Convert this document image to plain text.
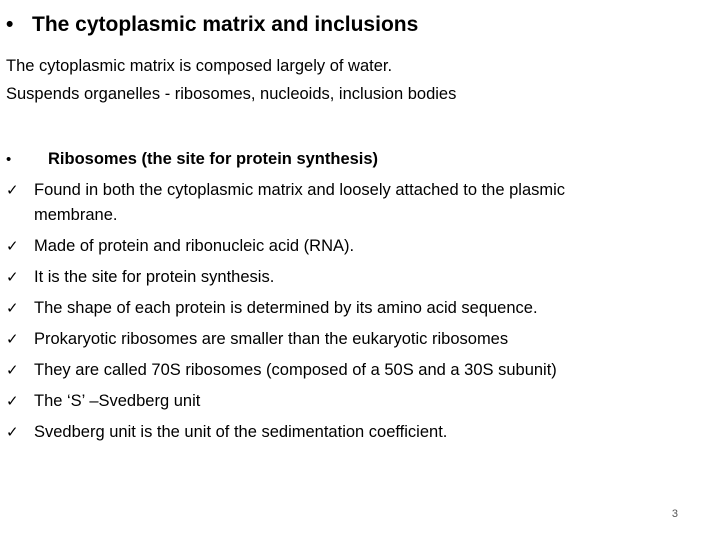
• The cytoplasmic matrix and inclusions
The cytoplasmic matrix is composed largely of water.
Suspends organelles - ribosomes, nucleoids, inclusion bodies
•	Ribosomes (the site for protein synthesis)
✓ Found in both the cytoplasmic matrix and loosely attached to the plasmic
membrane.
✓ Made of protein and ribonucleic acid (RNA).
✓ It is the site for protein synthesis.
✓ The shape of each protein is determined by its amino acid sequence.
✓ Prokaryotic ribosomes are smaller than the eukaryotic ribosomes
✓ They are called 70S ribosomes (composed of a 50S and a 30S subunit)
✓ The ‘S’ –Svedberg unit
✓ Svedberg unit is the unit of the sedimentation coefficient.
3
